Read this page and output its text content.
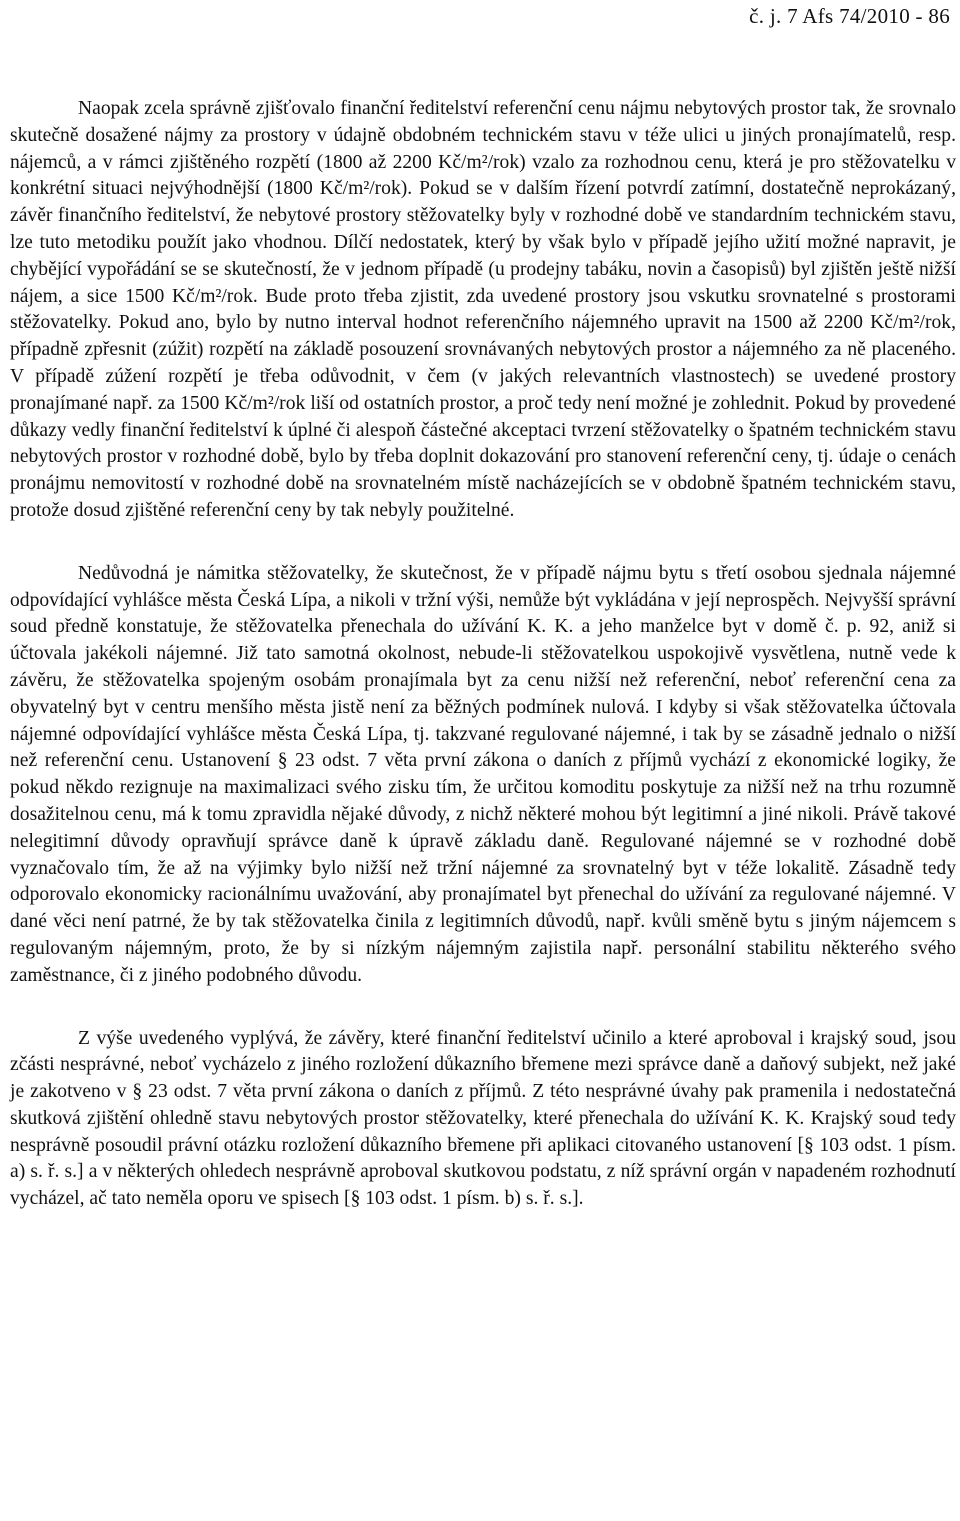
č. j. 7 Afs 74/2010 - 86

Naopak zcela správně zjišťovalo finanční ředitelství referenční cenu nájmu nebytových prostor tak, že srovnalo skutečně dosažené nájmy za prostory v údajně obdobném technickém stavu v téže ulici u jiných pronajímatelů, resp. nájemců, a v rámci zjištěného rozpětí (1800 až 2200 Kč/m²/rok) vzalo za rozhodnou cenu, která je pro stěžovatelku v konkrétní situaci nejvýhodnější (1800 Kč/m²/rok). Pokud se v dalším řízení potvrdí zatímní, dostatečně neprokázaný, závěr finančního ředitelství, že nebytové prostory stěžovatelky byly v rozhodné době ve standardním technickém stavu, lze tuto metodiku použít jako vhodnou. Dílčí nedostatek, který by však bylo v případě jejího užití možné napravit, je chybějící vypořádání se se skutečností, že v jednom případě (u prodejny tabáku, novin a časopisů) byl zjištěn ještě nižší nájem, a sice 1500 Kč/m²/rok. Bude proto třeba zjistit, zda uvedené prostory jsou vskutku srovnatelné s prostorami stěžovatelky. Pokud ano, bylo by nutno interval hodnot referenčního nájemného upravit na 1500 až 2200 Kč/m²/rok, případně zpřesnit (zúžit) rozpětí na základě posouzení srovnávaných nebytových prostor a nájemného za ně placeného. V případě zúžení rozpětí je třeba odůvodnit, v čem (v jakých relevantních vlastnostech) se uvedené prostory pronajímané např. za 1500 Kč/m²/rok liší od ostatních prostor, a proč tedy není možné je zohlednit. Pokud by provedené důkazy vedly finanční ředitelství k úplné či alespoň částečné akceptaci tvrzení stěžovatelky o špatném technickém stavu nebytových prostor v rozhodné době, bylo by třeba doplnit dokazování pro stanovení referenční ceny, tj. údaje o cenách pronájmu nemovitostí v rozhodné době na srovnatelném místě nacházejících se v obdobně špatném technickém stavu, protože dosud zjištěné referenční ceny by tak nebyly použitelné.

Nedůvodná je námitka stěžovatelky, že skutečnost, že v případě nájmu bytu s třetí osobou sjednala nájemné odpovídající vyhlášce města Česká Lípa, a nikoli v tržní výši, nemůže být vykládána v její neprospěch. Nejvyšší správní soud předně konstatuje, že stěžovatelka přenechala do užívání K. K. a jeho manželce byt v domě č. p. 92, aniž si účtovala jakékoli nájemné. Již tato samotná okolnost, nebude-li stěžovatelkou uspokojivě vysvětlena, nutně vede k závěru, že stěžovatelka spojeným osobám pronajímala byt za cenu nižší než referenční, neboť referenční cena za obyvatelný byt v centru menšího města jistě není za běžných podmínek nulová. I kdyby si však stěžovatelka účtovala nájemné odpovídající vyhlášce města Česká Lípa, tj. takzvané regulované nájemné, i tak by se zásadně jednalo o nižší než referenční cenu. Ustanovení § 23 odst. 7 věta první zákona o daních z příjmů vychází z ekonomické logiky, že pokud někdo rezignuje na maximalizaci svého zisku tím, že určitou komoditu poskytuje za nižší než na trhu rozumně dosažitelnou cenu, má k tomu zpravidla nějaké důvody, z nichž některé mohou být legitimní a jiné nikoli. Právě takové nelegitimní důvody opravňují správce daně k úpravě základu daně. Regulované nájemné se v rozhodné době vyznačovalo tím, že až na výjimky bylo nižší než tržní nájemné za srovnatelný byt v téže lokalitě. Zásadně tedy odporovalo ekonomicky racionálnímu uvažování, aby pronajímatel byt přenechal do užívání za regulované nájemné. V dané věci není patrné, že by tak stěžovatelka činila z legitimních důvodů, např. kvůli směně bytu s jiným nájemcem s regulovaným nájemným, proto, že by si nízkým nájemným zajistila např. personální stabilitu některého svého zaměstnance, či z jiného podobného důvodu.

Z výše uvedeného vyplývá, že závěry, které finanční ředitelství učinilo a které aproboval i krajský soud, jsou zčásti nesprávné, neboť vycházelo z jiného rozložení důkazního břemene mezi správce daně a daňový subjekt, než jaké je zakotveno v § 23 odst. 7 věta první zákona o daních z příjmů. Z této nesprávné úvahy pak pramenila i nedostatečná skutková zjištění ohledně stavu nebytových prostor stěžovatelky, které přenechala do užívání K. K. Krajský soud tedy nesprávně posoudil právní otázku rozložení důkazního břemene při aplikaci citovaného ustanovení [§ 103 odst. 1 písm. a) s. ř. s.] a v některých ohledech nesprávně aproboval skutkovou podstatu, z níž správní orgán v napadeném rozhodnutí vycházel, ač tato neměla oporu ve spisech [§ 103 odst. 1 písm. b) s. ř. s.].
